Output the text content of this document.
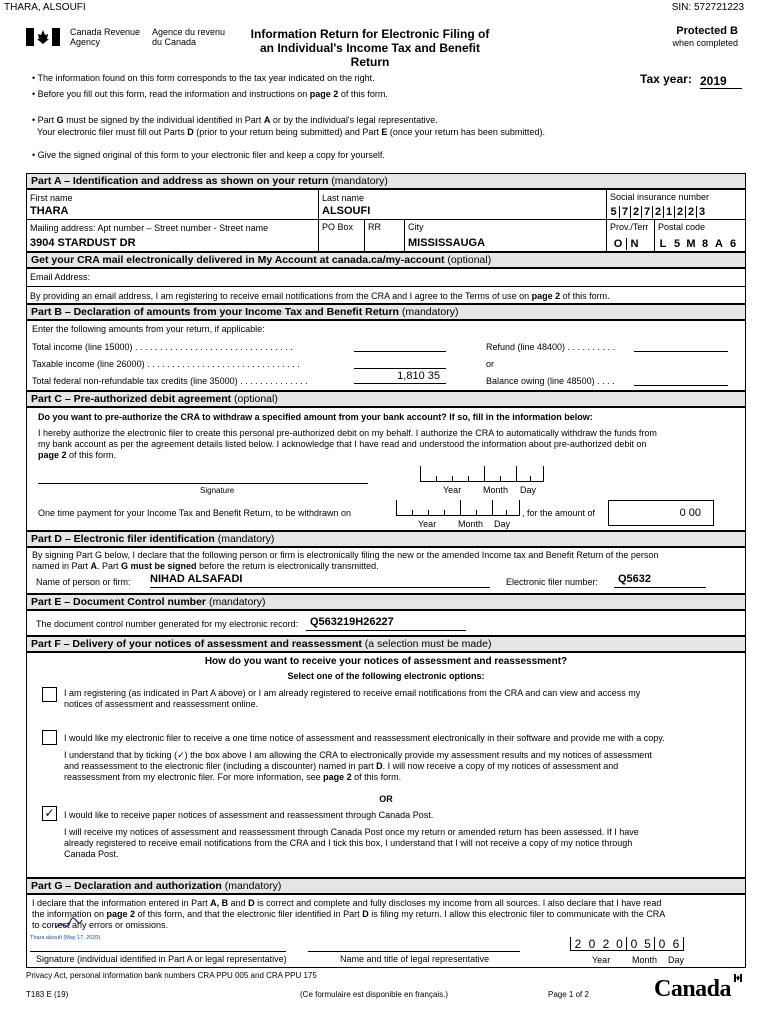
THARA, ALSOUFI	SIN: 572721223
Canada Revenue
Agency
Agence du revenu
du Canada
Information Return for Electronic Filing of
an Individual's Income Tax and Benefit Return
Protected B
when completed
Tax year: 2019
• The information found on this form corresponds to the tax year indicated on the right.
• Before you fill out this form, read the information and instructions on page 2 of this form.
• Part G must be signed by the individual identified in Part A or by the individual's legal representative.
Your electronic filer must fill out Parts D (prior to your return being submitted) and Part E (once your return has been submitted).
• Give the signed original of this form to your electronic filer and keep a copy for yourself.
Part A – Identification and address as shown on your return (mandatory)
First name
THARA
Last name
ALSOUFI
Social insurance number
5 7 2 7 2 1 2 2 3
Mailing address: Apt number – Street number - Street name
3904 STARDUST DR
PO Box RR	City
MISSISSAUGA
Prov./Terr
O N
Postal code
L 5 M 8 A 6
Get your CRA mail electronically delivered in My Account at canada.ca/my-account (optional)
Email Address:
By providing an email address, I am registering to receive email notifications from the CRA and I agree to the Terms of use on page 2 of this form.
Part B – Declaration of amounts from your Income Tax and Benefit Return (mandatory)
Enter the following amounts from your return, if applicable:
Total income (line 15000) . . . . . . . . . . . . . . . . . . . . . . . . . . . . . . . .
Taxable income (line 26000) . . . . . . . . . . . . . . . . . . . . . . . . . . . . . . .
Total federal non-refundable tax credits (line 35000) . . . . . . . . . . . . . .	1,810 35
Refund (line 48400) . . . . . . . . . .
or
Balance owing (line 48500) . . . .
Part C – Pre-authorized debit agreement (optional)
Do you want to pre-authorize the CRA to withdraw a specified amount from your bank account? If so, fill in the information below:

I hereby authorize the electronic filer to create this personal pre-authorized debit on my behalf. I authorize the CRA to automatically withdraw the funds from

my bank account as per the agreement details listed below. I acknowledge that I have read and understood the information about pre-authorized debit on

page 2 of this form.

Signature	Year Month Day
One time payment for your Income Tax and Benefit Return, to be withdrawn on
Year Month Day
, for the amount of	0 00
Part D – Electronic filer identification (mandatory)

By signing Part G below, I declare that the following person or firm is electronically filing the new or the amended Income tax and Benefit Return of the person

named in Part A. Part G must be signed before the return is electronically transmitted.

Name of person or firm: NIHAD ALSAFADI	Electronic filer number:	Q5632
Part E – Document Control number (mandatory)
The document control number generated for my electronic record:	Q563219H26227
Part F – Delivery of your notices of assessment and reassessment (a selection must be made)
How do you want to receive your notices of assessment and reassessment?
Select one of the following electronic options:

I am registering (as indicated in Part A above) or I am already registered to receive email notifications from the CRA and can view and access my

notices of assessment and reassessment online.

I would like my electronic filer to receive a one time notice of assessment and reassessment electronically in their software and provide me with a copy.

I understand that by ticking (✓) the box above I am allowing the CRA to electronically provide my assessment results and my notices of assessment

and reassessment to the electronic filer (including a discounter) named in part D. I will now receive a copy of my notices of assessment and

reassessment from my electronic filer. For more information, see page 2 of this form.

OR
✓ I would like to receive paper notices of assessment and reassessment through Canada Post.

I will receive my notices of assessment and reassessment through Canada Post once my return or amended return has been assessed. If I have

already registered to receive email notifications from the CRA and I tick this box, I understand that I will not receive a copy of my notice through

Canada Post.

Part G – Declaration and authorization (mandatory)

I declare that the information entered in Part A, B and D is correct and complete and fully discloses my income from all sources. I also declare that I have read

the information on page 2 of this form, and that the electronic filer identified in Part D is filing my return. I allow this electronic filer to communicate with the CRA

to correct any errors or omissions.

Thara alsoufi (May 17, 2020)
Signature (individual identified in Part A or legal representative)	Name and title of legal representative
2 0 2 0 0 5 0 6
Year Month Day
Privacy Act, personal information bank numbers CRA PPU 005 and CRA PPU 175
T183 E (19)	(Ce formulaire est disponible en français.)	Page 1 of 2	Canada
